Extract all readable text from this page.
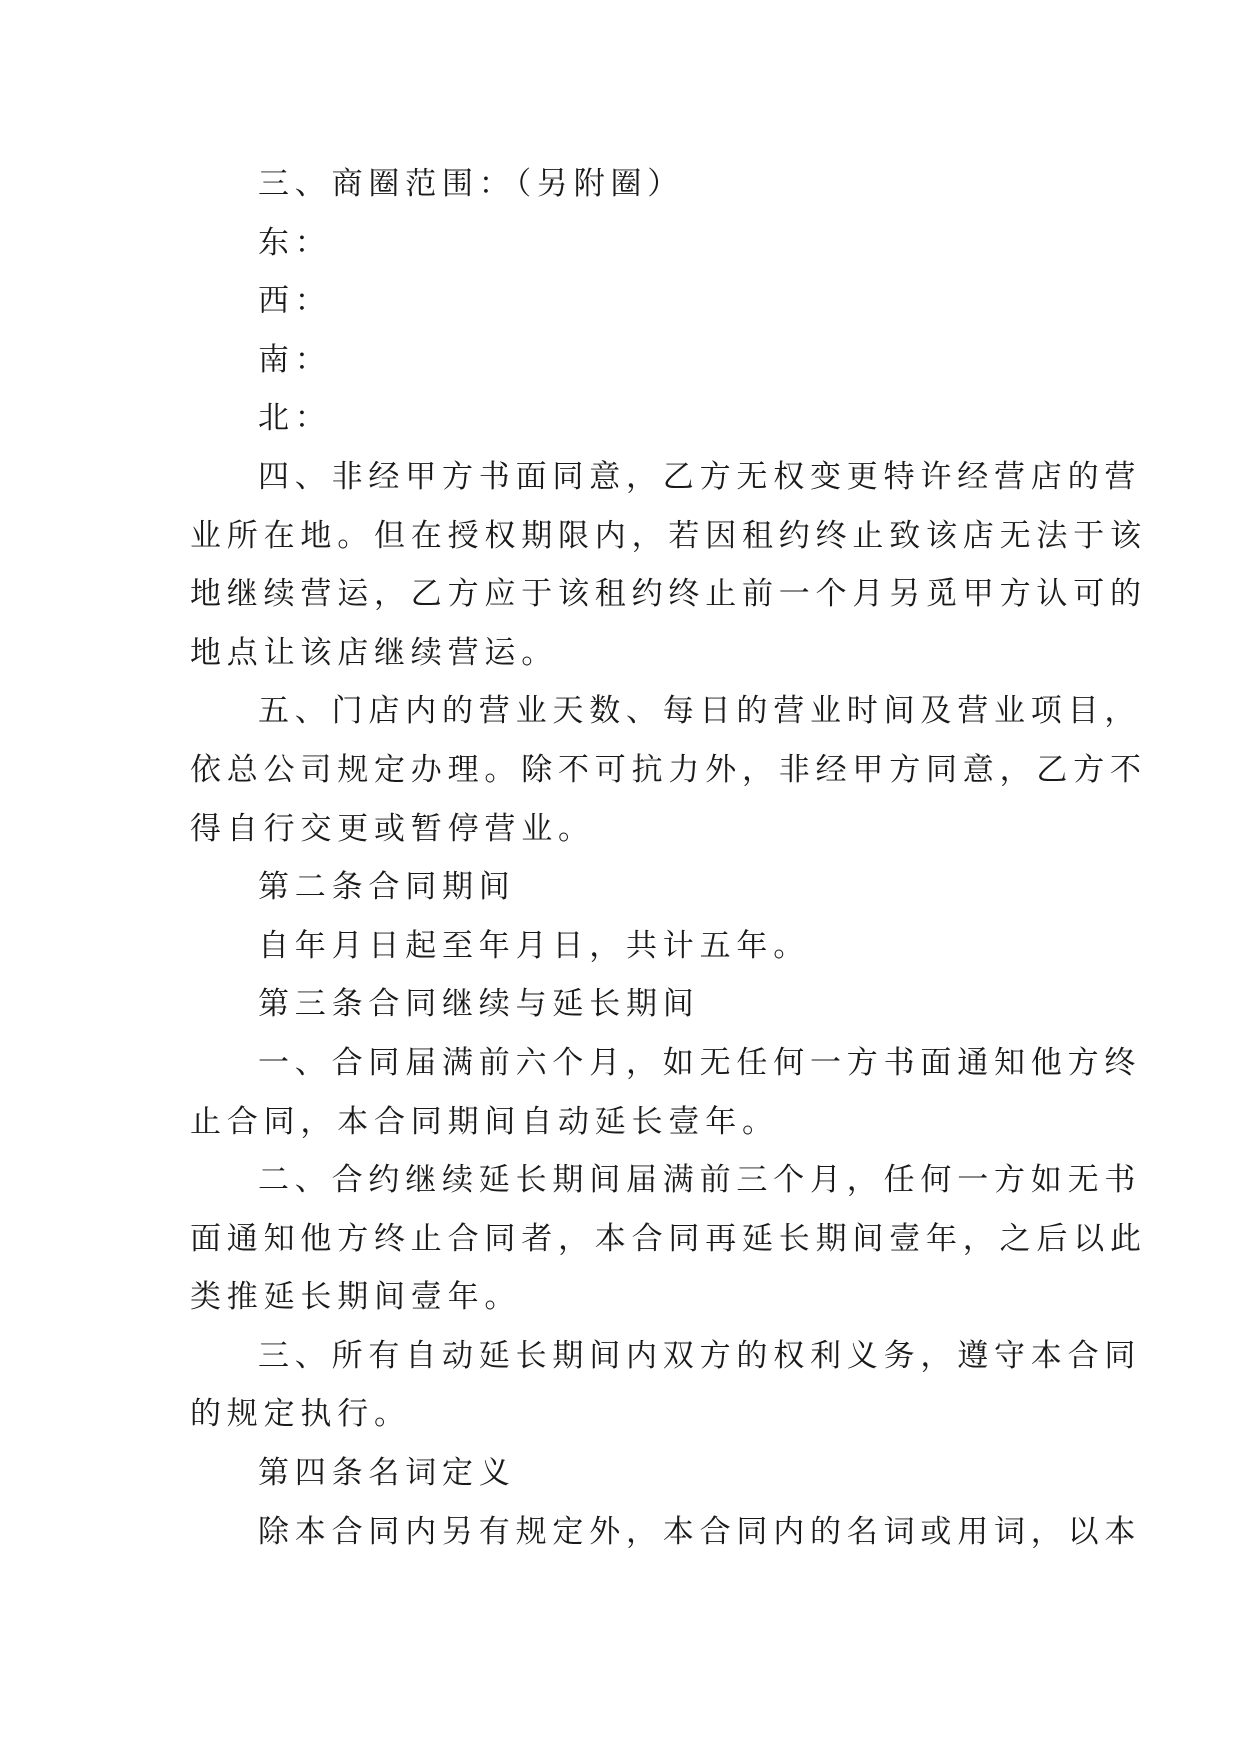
三、商圈范围：（另附圈）
东：
西：
南：
北：
四、非经甲方书面同意，乙方无权变更特许经营店的营
业所在地。但在授权期限内，若因租约终止致该店无法于该
地继续营运，乙方应于该租约终止前一个月另觅甲方认可的
地点让该店继续营运。
五、门店内的营业天数、每日的营业时间及营业项目，
依总公司规定办理。除不可抗力外，非经甲方同意，乙方不
得自行交更或暂停营业。
第二条合同期间
自年月日起至年月日，共计五年。
第三条合同继续与延长期间
一、合同届满前六个月，如无任何一方书面通知他方终
止合同，本合同期间自动延长壹年。
二、合约继续延长期间届满前三个月，任何一方如无书
面通知他方终止合同者，本合同再延长期间壹年，之后以此
类推延长期间壹年。
三、所有自动延长期间内双方的权利义务，遵守本合同
的规定执行。
第四条名词定义
除本合同内另有规定外，本合同内的名词或用词，以本
